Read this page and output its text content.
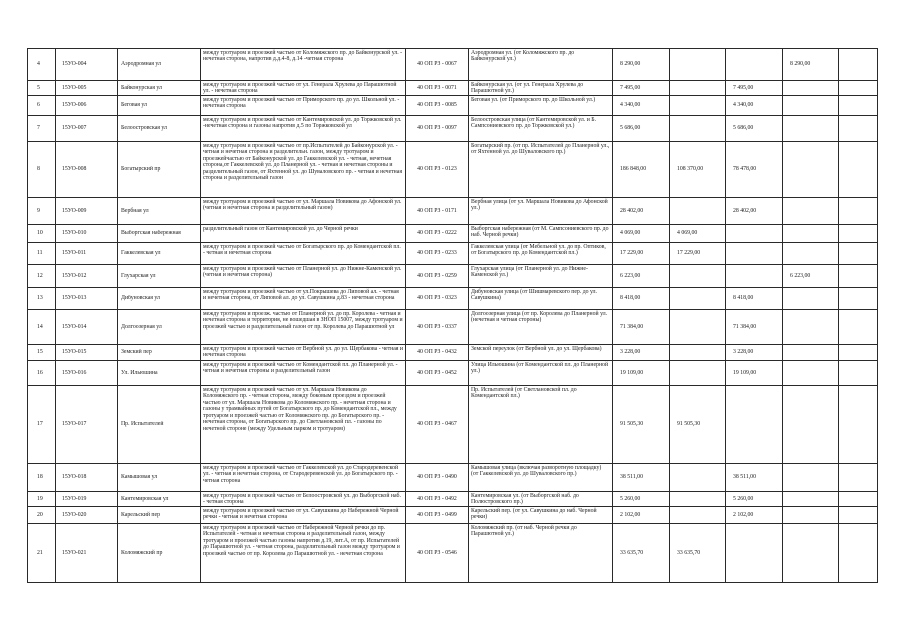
4	15УО-004	Аэродромная ул	между тротуаром и проезжей частью от Коломяжского пр. до Байконурской ул. - нечетная сторона, напротив д.д.4-8, д.14 -четная сторона	40 ОП РЗ - 0067	Аэродромная ул. (от Коломяжского пр. до Байконурской ул.)	8 290,00			8 290,00	

5	15УО-005	Байконурская ул	между тротуаром и проезжей частью от ул. Генерала Хрулева до Парашютной ул. - нечетная сторона	40 ОП РЗ - 0071	Байконурская ул. (от ул. Генерала Хрулева до Парашютной ул.)	7 495,00		7 495,00		

6	15УО-006	Беговая ул	между тротуаром и проезжей частью от Приморского пр. до ул. Школьной ул. - нечетная сторона	40 ОП РЗ - 0085	Беговая ул. (от Приморского пр. до Школьной ул.)	4 340,00		4 340,00		

7	15УО-007	Белоостровская ул	между тротуаром и проезжей частью от Кантемировской ул. до Торжковской ул. -нечетная сторона и газоны напротив д.5 по Торжковской ул	40 ОП РЗ - 0097	Белоостровская улица (от Кантемировской ул. и Б. Сампсониевского пр. до Торжковской ул.)	5 686,00		5 686,00		

8	15УО-008	Богатырский пр	между тротуаром и проезжей частью от пр.Испытателей до Байконурской ул. - четная и нечетная сторона и разделительн. газон, между тротуаром и проезжейчастью от Байконурской ул. до Гаккелевской ул. - четная, нечетная сторона,от Гаккелевской ул. до Планерной ул. - четная и нечетная стороны и разделительный газон, от Яхтенной ул. до Шуваловского пр. - четная и нечетная сторона и разделительный газон	40 ОП РЗ - 0123	Богатырский пр. (от пр. Испытателей до Планерной ул., от Яхтенной ул. до Шуваловского пр.)	186 848,00	108 370,00	78 478,00		

9	15УО-009	Вербная ул	между тротуаром и проезжей частью от ул. Маршала Новикова до Афонской ул. (четная и нечетная сторона и разделительный газон)	40 ОП РЗ - 0171	Вербная улица (от ул. Маршала Новикова до Афонской ул.)	28 402,00		28 402,00		

10	15УО-010	Выборгская набережная	разделительный газон от Кантемировской ул. до Черной речки	40 ОП РЗ - 0222	Выборгская набережная (от М. Сампсониевского пр. до наб. Черной речки)	4 069,00	4 069,00			

11	15УО-011	Гаккелевская ул	между тротуаром и проезжей частью от Богатырского пр. до Комендантской пл. - четная и нечетная сторона	40 ОП РЗ - 0233	Гаккелевская улица (от Мебельной ул. до пр. Оптиков, от Богатырского пр. до Комендантской пл.)	17 229,00	17 229,00			

12	15УО-012	Глухарская ул	между тротуаром и проезжей частью от Планерной ул. до Нижне-Каменской ул. (четная и нечетная сторона)	40 ОП РЗ - 0259	Глухарская улица (от Планерной ул. до Нижне-Каменской ул.)	6 223,00			6 223,00	

13	15УО-013	Дибуновская ул	между тротуаром и проезжей частью от ул.Покрышева до Липовой ал. - четная и нечетная сторона, от Липовой ал. до ул. Савушкина д.83 - нечетная сторона	40 ОП РЗ - 0323	Дибуновская улица (от Шишмаревского пер. до ул. Савушкина)	8 418,00		8 418,00		

14	15УО-014	Долгоозерная ул	между тротуаром и проезж. частью от Планерной ул. до пр. Королева - четная и нечетная сторона и территория, не вошедшая в ЗНОП 15007, между тротуаром и проезжей частью и разделительный газон от пр. Королева до Парашютной ул	40 ОП РЗ - 0337	Долгоозерная улица (от пр. Королева до Планерной ул. (нечетная и четная стороны)	71 384,00		71 384,00		

15	15УО-015	Земский пер	между тротуаром и проезжей частью от Вербной ул. до ул. Щербакова - четная и нечетная сторона	40 ОП РЗ - 0432	Земской переулок (от Вербной ул. до ул. Щербакова)	3 228,00		3 228,00		

16	15УО-016	Ул. Ильюшина	между тротуаром и проезжей частью от Комендантской пл. до Планерной ул. - четная и нечетная стороны и разделительный газон	40 ОП РЗ - 0452	Улица Ильюшина (от Комендантской пл. до Планерной ул.)	19 109,00		19 109,00		

17	15УО-017	Пр. Испытателей	между тротуаром и проезжей частью от ул. Маршала Новикова до Коломяжского пр. - четная сторона, между боковым проездом и проезжей частью от ул. Маршала Новикова до Коломяжского пр. - нечетная сторона и газоны у трамвайных путей от Богатырского пр. до Комендантской пл., между тротуаром и проезжей частью от Коломяжского пр. до Богатырского пр. - нечетная сторона, от Богатырского пр. до Светлановской пл. - газоны по нечетной стороне (между Удельным парком и тротуаром)	40 ОП РЗ - 0467	Пр. Испытателей (от Светлановской пл. до Комендантской пл.)	91 505,30	91 505,30			

18	15УО-018	Камышовая ул	между тротуаром и проезжей частью от Гаккелевской ул. до Стародеревенской ул. - четная и нечетная сторона, от Стародеревенской ул. до Богатырского пр. - четная сторона	40 ОП РЗ - 0490	Камышовая улица (включая разворотную площадку) (от Гаккелевской ул. до Шуваловского пр.)	38 511,00		38 511,00		

19	15УО-019	Кантемировская ул	между тротуаром и проезжей частью от Белоостровской ул. до Выборгской наб. - четная сторона	40 ОП РЗ - 0492	Кантемировская ул. (от Выборгской наб. до Полюстровского пр.)	5 260,00		5 260,00		

20	15УО-020	Карельский пер	между тротуаром и проезжей частью от ул. Савушкина до Набережной Черной речки - четная и нечетная сторона	40 ОП РЗ - 0499	Карельский пер. (от ул. Савушкина до наб. Черной речки)	2 102,00		2 102,00		

21	15УО-021	Коломяжский пр	между тротуаром и проезжей частью от Набережной Черной речки до пр. Испытателей - четная и нечетная сторона и разделительный газон, между тротуаром и проезжей частью газоны напротив д.19, лит.А, от пр. Испытателей до Парашютной ул. - четная сторона, разделительный газон между тротуаром и проезжей частью от пр. Королева до Парашютной ул. - нечетная сторона	40 ОП РЗ - 0546	Коломяжский пр. (от наб. Черной речки до Парашютной ул.)	33 635,70	33 635,70			
